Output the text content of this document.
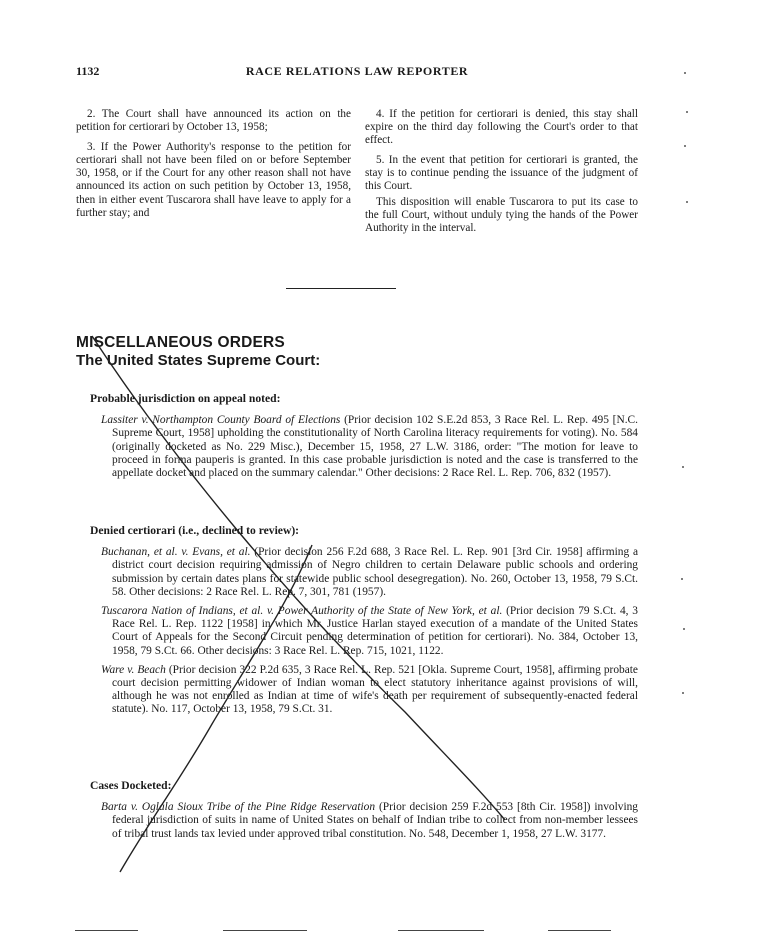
1132	RACE RELATIONS LAW REPORTER

2. The Court shall have announced its action on the petition for certiorari by October 13, 1958;

3. If the Power Authority's response to the petition for certiorari shall not have been filed on or before September 30, 1958, or if the Court for any other reason shall not have announced its action on such petition by October 13, 1958, then in either event Tuscarora shall have leave to apply for a further stay; and

4. If the petition for certiorari is denied, this stay shall expire on the third day following the Court's order to that effect.

5. In the event that petition for certiorari is granted, the stay is to continue pending the issuance of the judgment of this Court.

This disposition will enable Tuscarora to put its case to the full Court, without unduly tying the hands of the Power Authority in the interval.

MISCELLANEOUS ORDERS
The United States Supreme Court:
Probable jurisdiction on appeal noted:

Lassiter v. Northampton County Board of Elections (Prior decision 102 S.E.2d 853, 3 Race Rel. L. Rep. 495 [N.C. Supreme Court, 1958] upholding the constitutionality of North Carolina literacy requirements for voting). No. 584 (originally docketed as No. 229 Misc.), December 15, 1958, 27 L.W. 3186, order: "The motion for leave to proceed in forma pauperis is granted. In this case probable jurisdiction is noted and the case is transferred to the appellate docket and placed on the summary calendar." Other decisions: 2 Race Rel. L. Rep. 706, 832 (1957).

Denied certiorari (i.e., declined to review):

Buchanan, et al. v. Evans, et al. (Prior decision 256 F.2d 688, 3 Race Rel. L. Rep. 901 [3rd Cir. 1958] affirming a district court decision requiring admission of Negro children to certain Delaware public schools and ordering submission by certain dates plans for statewide public school desegregation). No. 260, October 13, 1958, 79 S.Ct. 58. Other decisions: 2 Race Rel. L. Rep. 7, 301, 781 (1957).

Tuscarora Nation of Indians, et al. v. Power Authority of the State of New York, et al. (Prior decision 79 S.Ct. 4, 3 Race Rel. L. Rep. 1122 [1958] in which Mr. Justice Harlan stayed execution of a mandate of the United States Court of Appeals for the Second Circuit pending determination of petition for certiorari). No. 384, October 13, 1958, 79 S.Ct. 66. Other decisions: 3 Race Rel. L. Rep. 715, 1021, 1122.

Ware v. Beach (Prior decision 322 P.2d 635, 3 Race Rel. L. Rep. 521 [Okla. Supreme Court, 1958], affirming probate court decision permitting widower of Indian woman to elect statutory inheritance against provisions of will, although he was not enrolled as Indian at time of wife's death per requirement of subsequently-enacted federal statute). No. 117, October 13, 1958, 79 S.Ct. 31.

Cases Docketed:

Barta v. Oglala Sioux Tribe of the Pine Ridge Reservation (Prior decision 259 F.2d 553 [8th Cir. 1958]) involving federal jurisdiction of suits in name of United States on behalf of Indian tribe to collect from non-member lessees of tribal trust lands tax levied under approved tribal constitution. No. 548, December 1, 1958, 27 L.W. 3177.
